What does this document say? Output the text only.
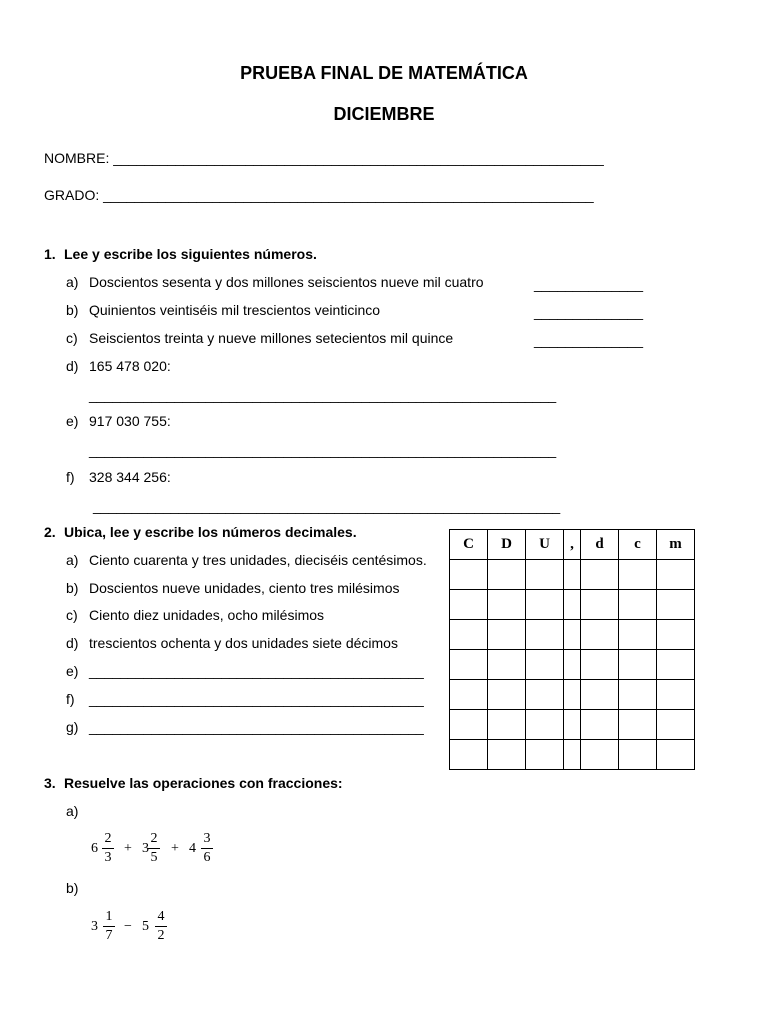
PRUEBA FINAL DE MATEMÁTICA
DICIEMBRE
NOMBRE: _______________________________________________________________
GRADO: _______________________________________________________________
1. Lee y escribe los siguientes números.
a) Doscientos sesenta y dos millones seiscientos nueve mil cuatro	______________
b) Quinientos veintiséis mil trescientos veinticinco	______________
c) Seiscientos treinta y nueve millones setecientos mil quince	______________
d) 165 478 020:
____________________________________________________________
e) 917 030 755:
____________________________________________________________
f) 328 344 256:
____________________________________________________________
2. Ubica, lee y escribe los números decimales.
a) Ciento cuarenta y tres unidades, dieciséis centésimos.
b) Doscientos nueve unidades, ciento tres milésimos
c) Ciento diez unidades, ocho milésimos
d) trescientos ochenta y dos unidades siete décimos
e) ___________________________________________
f) ___________________________________________
g) ___________________________________________
C	D	U	,	d	c	m

3. Resuelve las operaciones con fracciones:
a)
6
2
3
+ 3
2
5
+ 4
3
6
b)
3
1
7
− 5
4
2
